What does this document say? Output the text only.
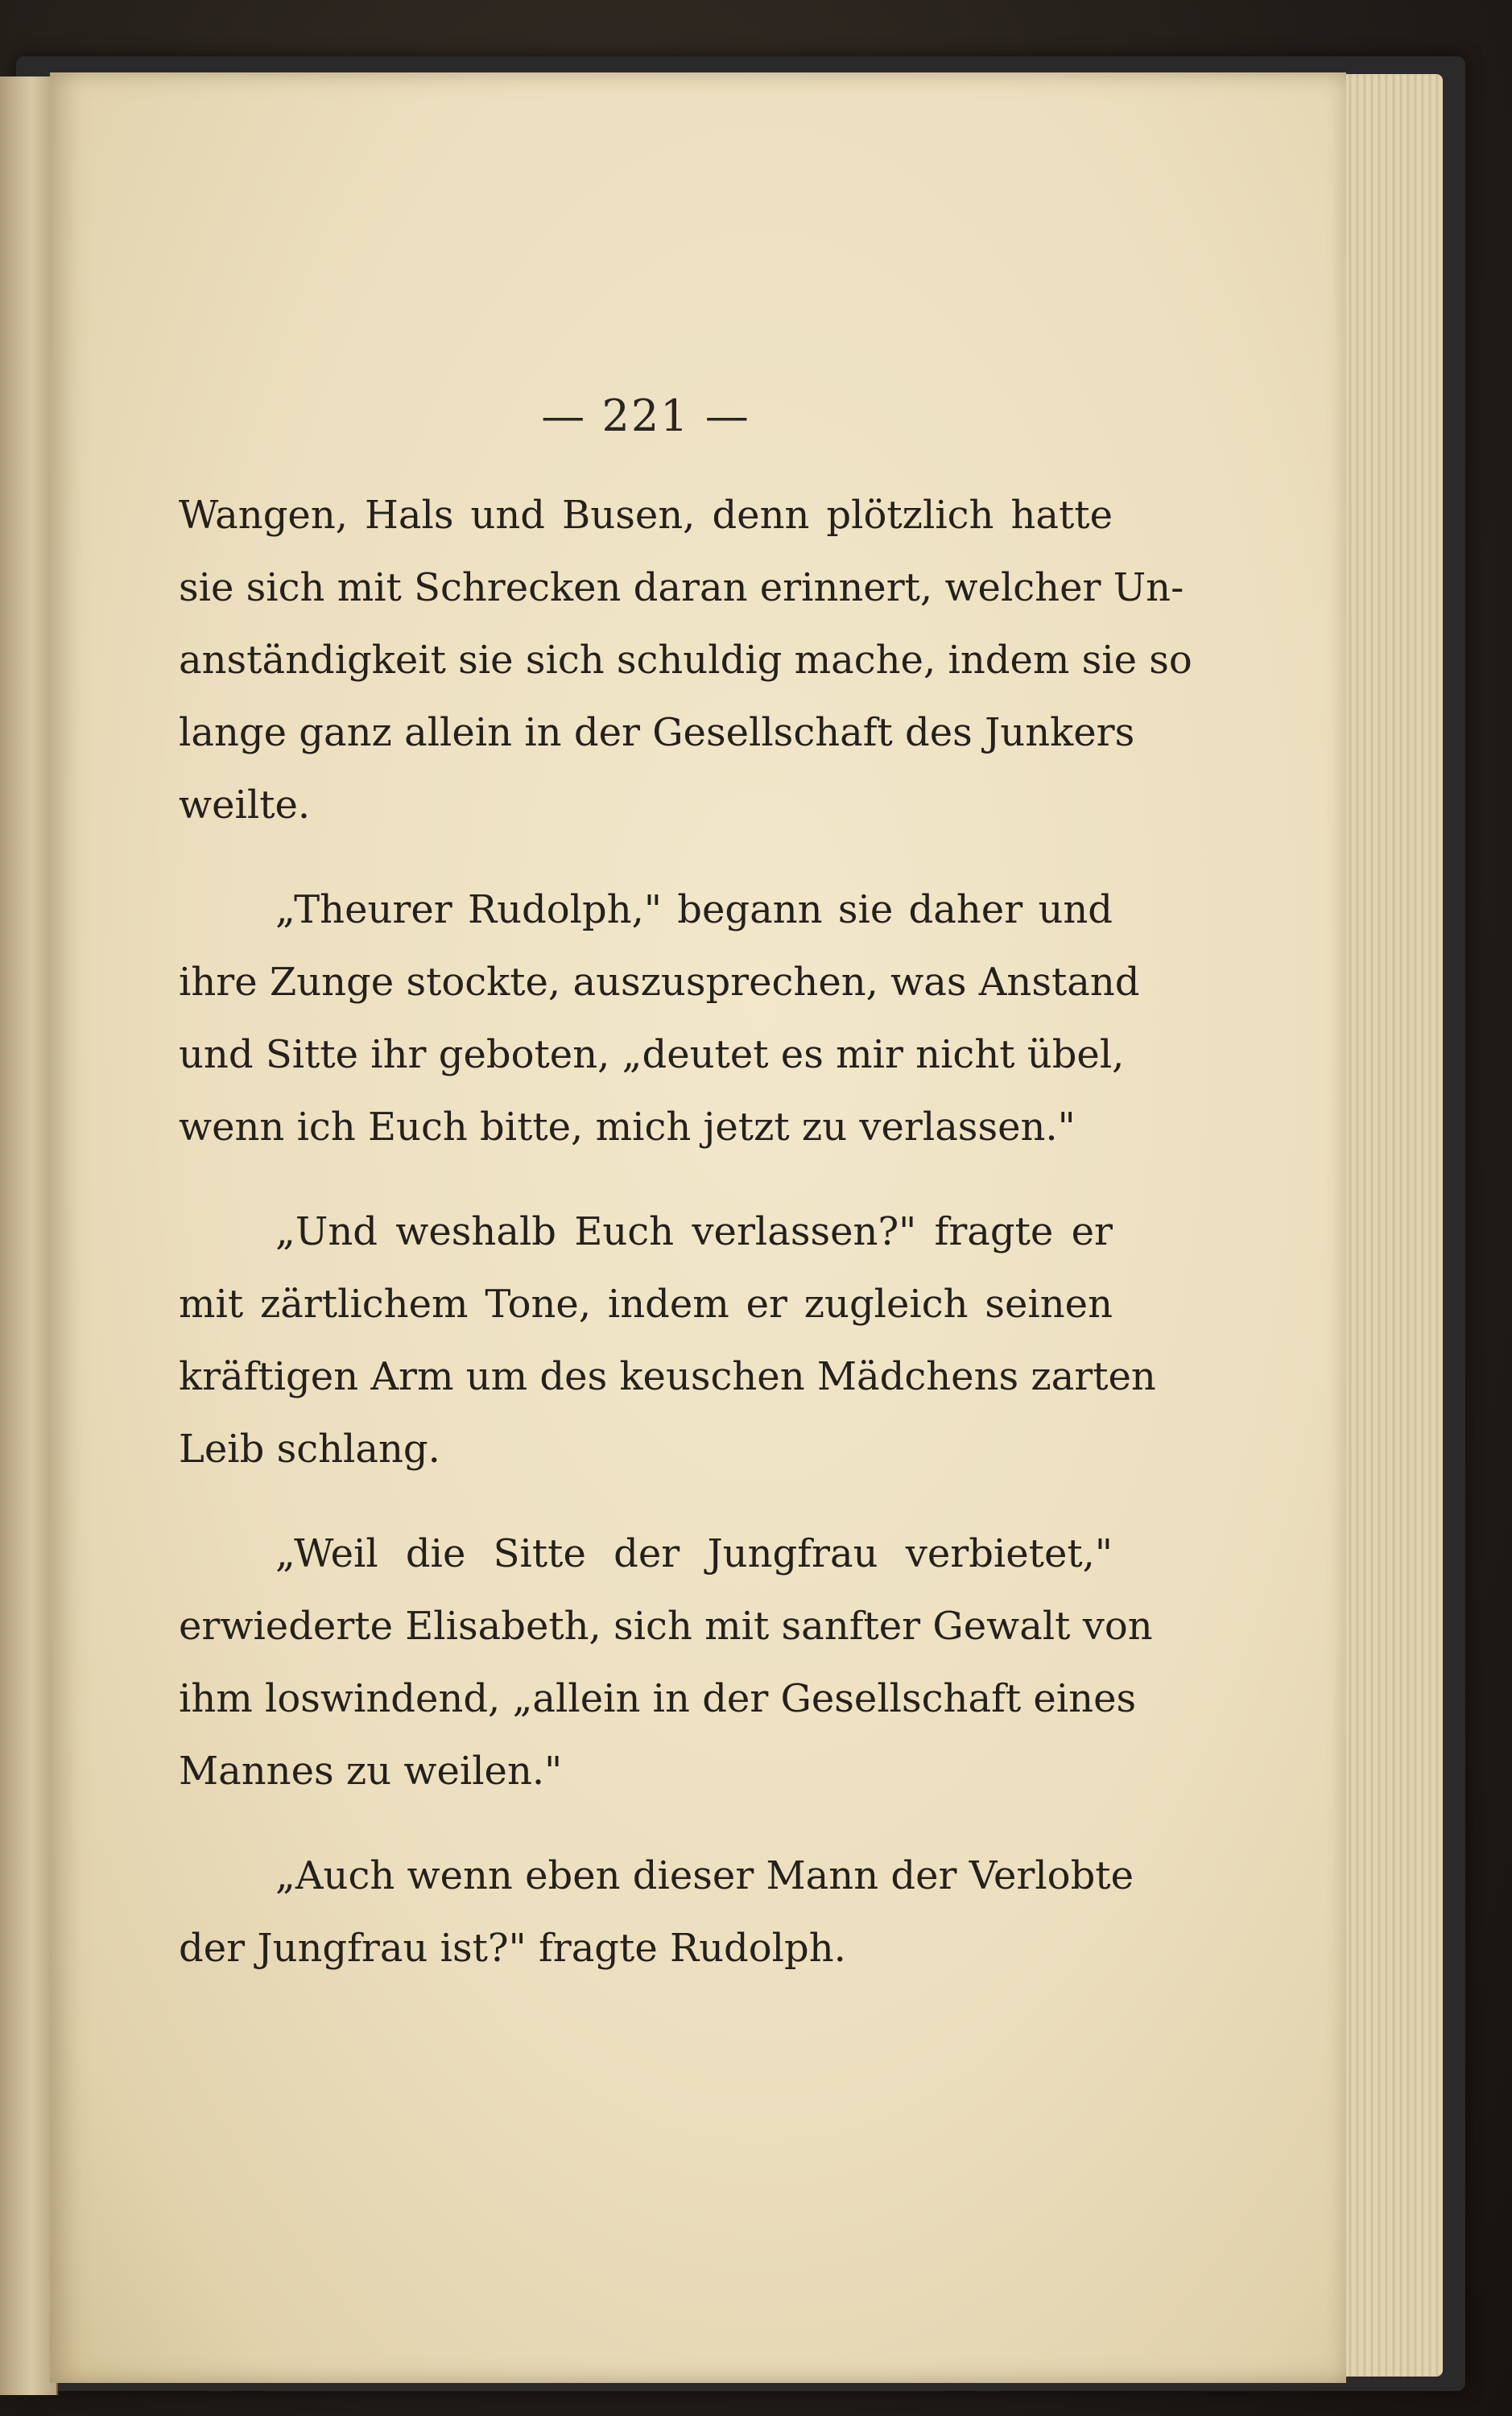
— 221 —
Wangen, Hals und Busen, denn plötzlich hatte
sie sich mit Schrecken daran erinnert, welcher Un-
anständigkeit sie sich schuldig mache, indem sie so
lange ganz allein in der Gesellschaft des Junkers
weilte.
„Theurer Rudolph," begann sie daher und
ihre Zunge stockte, auszusprechen, was Anstand
und Sitte ihr geboten, „deutet es mir nicht übel,
wenn ich Euch bitte, mich jetzt zu verlassen."
„Und weshalb Euch verlassen?" fragte er
mit zärtlichem Tone, indem er zugleich seinen
kräftigen Arm um des keuschen Mädchens zarten
Leib schlang.
„Weil die Sitte der Jungfrau verbietet,"
erwiederte Elisabeth, sich mit sanfter Gewalt von
ihm loswindend, „allein in der Gesellschaft eines
Mannes zu weilen."
„Auch wenn eben dieser Mann der Verlobte
der Jungfrau ist?" fragte Rudolph.
